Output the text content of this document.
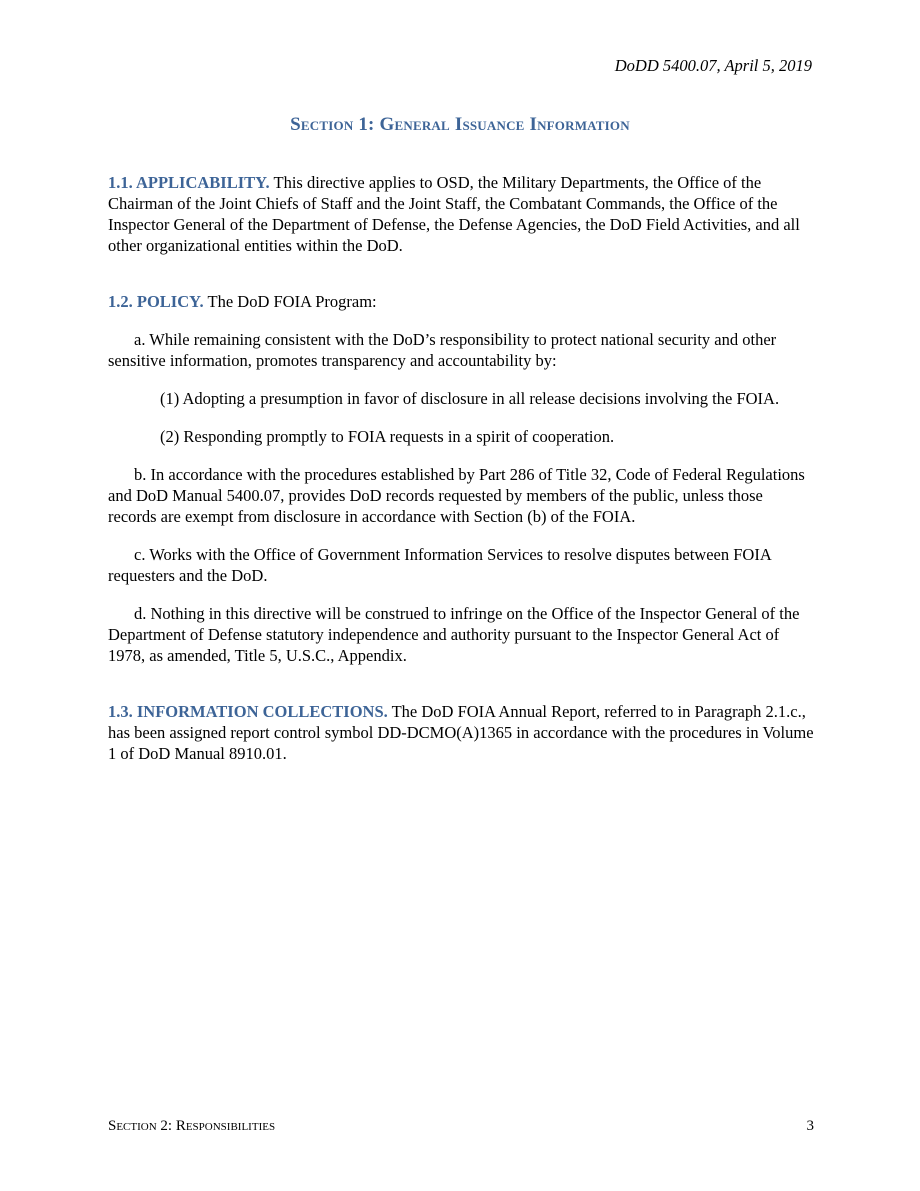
DoDD 5400.07, April 5, 2019
Section 1: General Issuance Information

1.1. APPLICABILITY. This directive applies to OSD, the Military Departments, the Office of the Chairman of the Joint Chiefs of Staff and the Joint Staff, the Combatant Commands, the Office of the Inspector General of the Department of Defense, the Defense Agencies, the DoD Field Activities, and all other organizational entities within the DoD.

1.2. POLICY. The DoD FOIA Program:

a. While remaining consistent with the DoD’s responsibility to protect national security and other sensitive information, promotes transparency and accountability by:

(1) Adopting a presumption in favor of disclosure in all release decisions involving the FOIA.

(2) Responding promptly to FOIA requests in a spirit of cooperation.

b. In accordance with the procedures established by Part 286 of Title 32, Code of Federal Regulations and DoD Manual 5400.07, provides DoD records requested by members of the public, unless those records are exempt from disclosure in accordance with Section (b) of the FOIA.

c. Works with the Office of Government Information Services to resolve disputes between FOIA requesters and the DoD.

d. Nothing in this directive will be construed to infringe on the Office of the Inspector General of the Department of Defense statutory independence and authority pursuant to the Inspector General Act of 1978, as amended, Title 5, U.S.C., Appendix.

1.3. INFORMATION COLLECTIONS. The DoD FOIA Annual Report, referred to in Paragraph 2.1.c., has been assigned report control symbol DD-DCMO(A)1365 in accordance with the procedures in Volume 1 of DoD Manual 8910.01.

Section 2: Responsibilities	3
